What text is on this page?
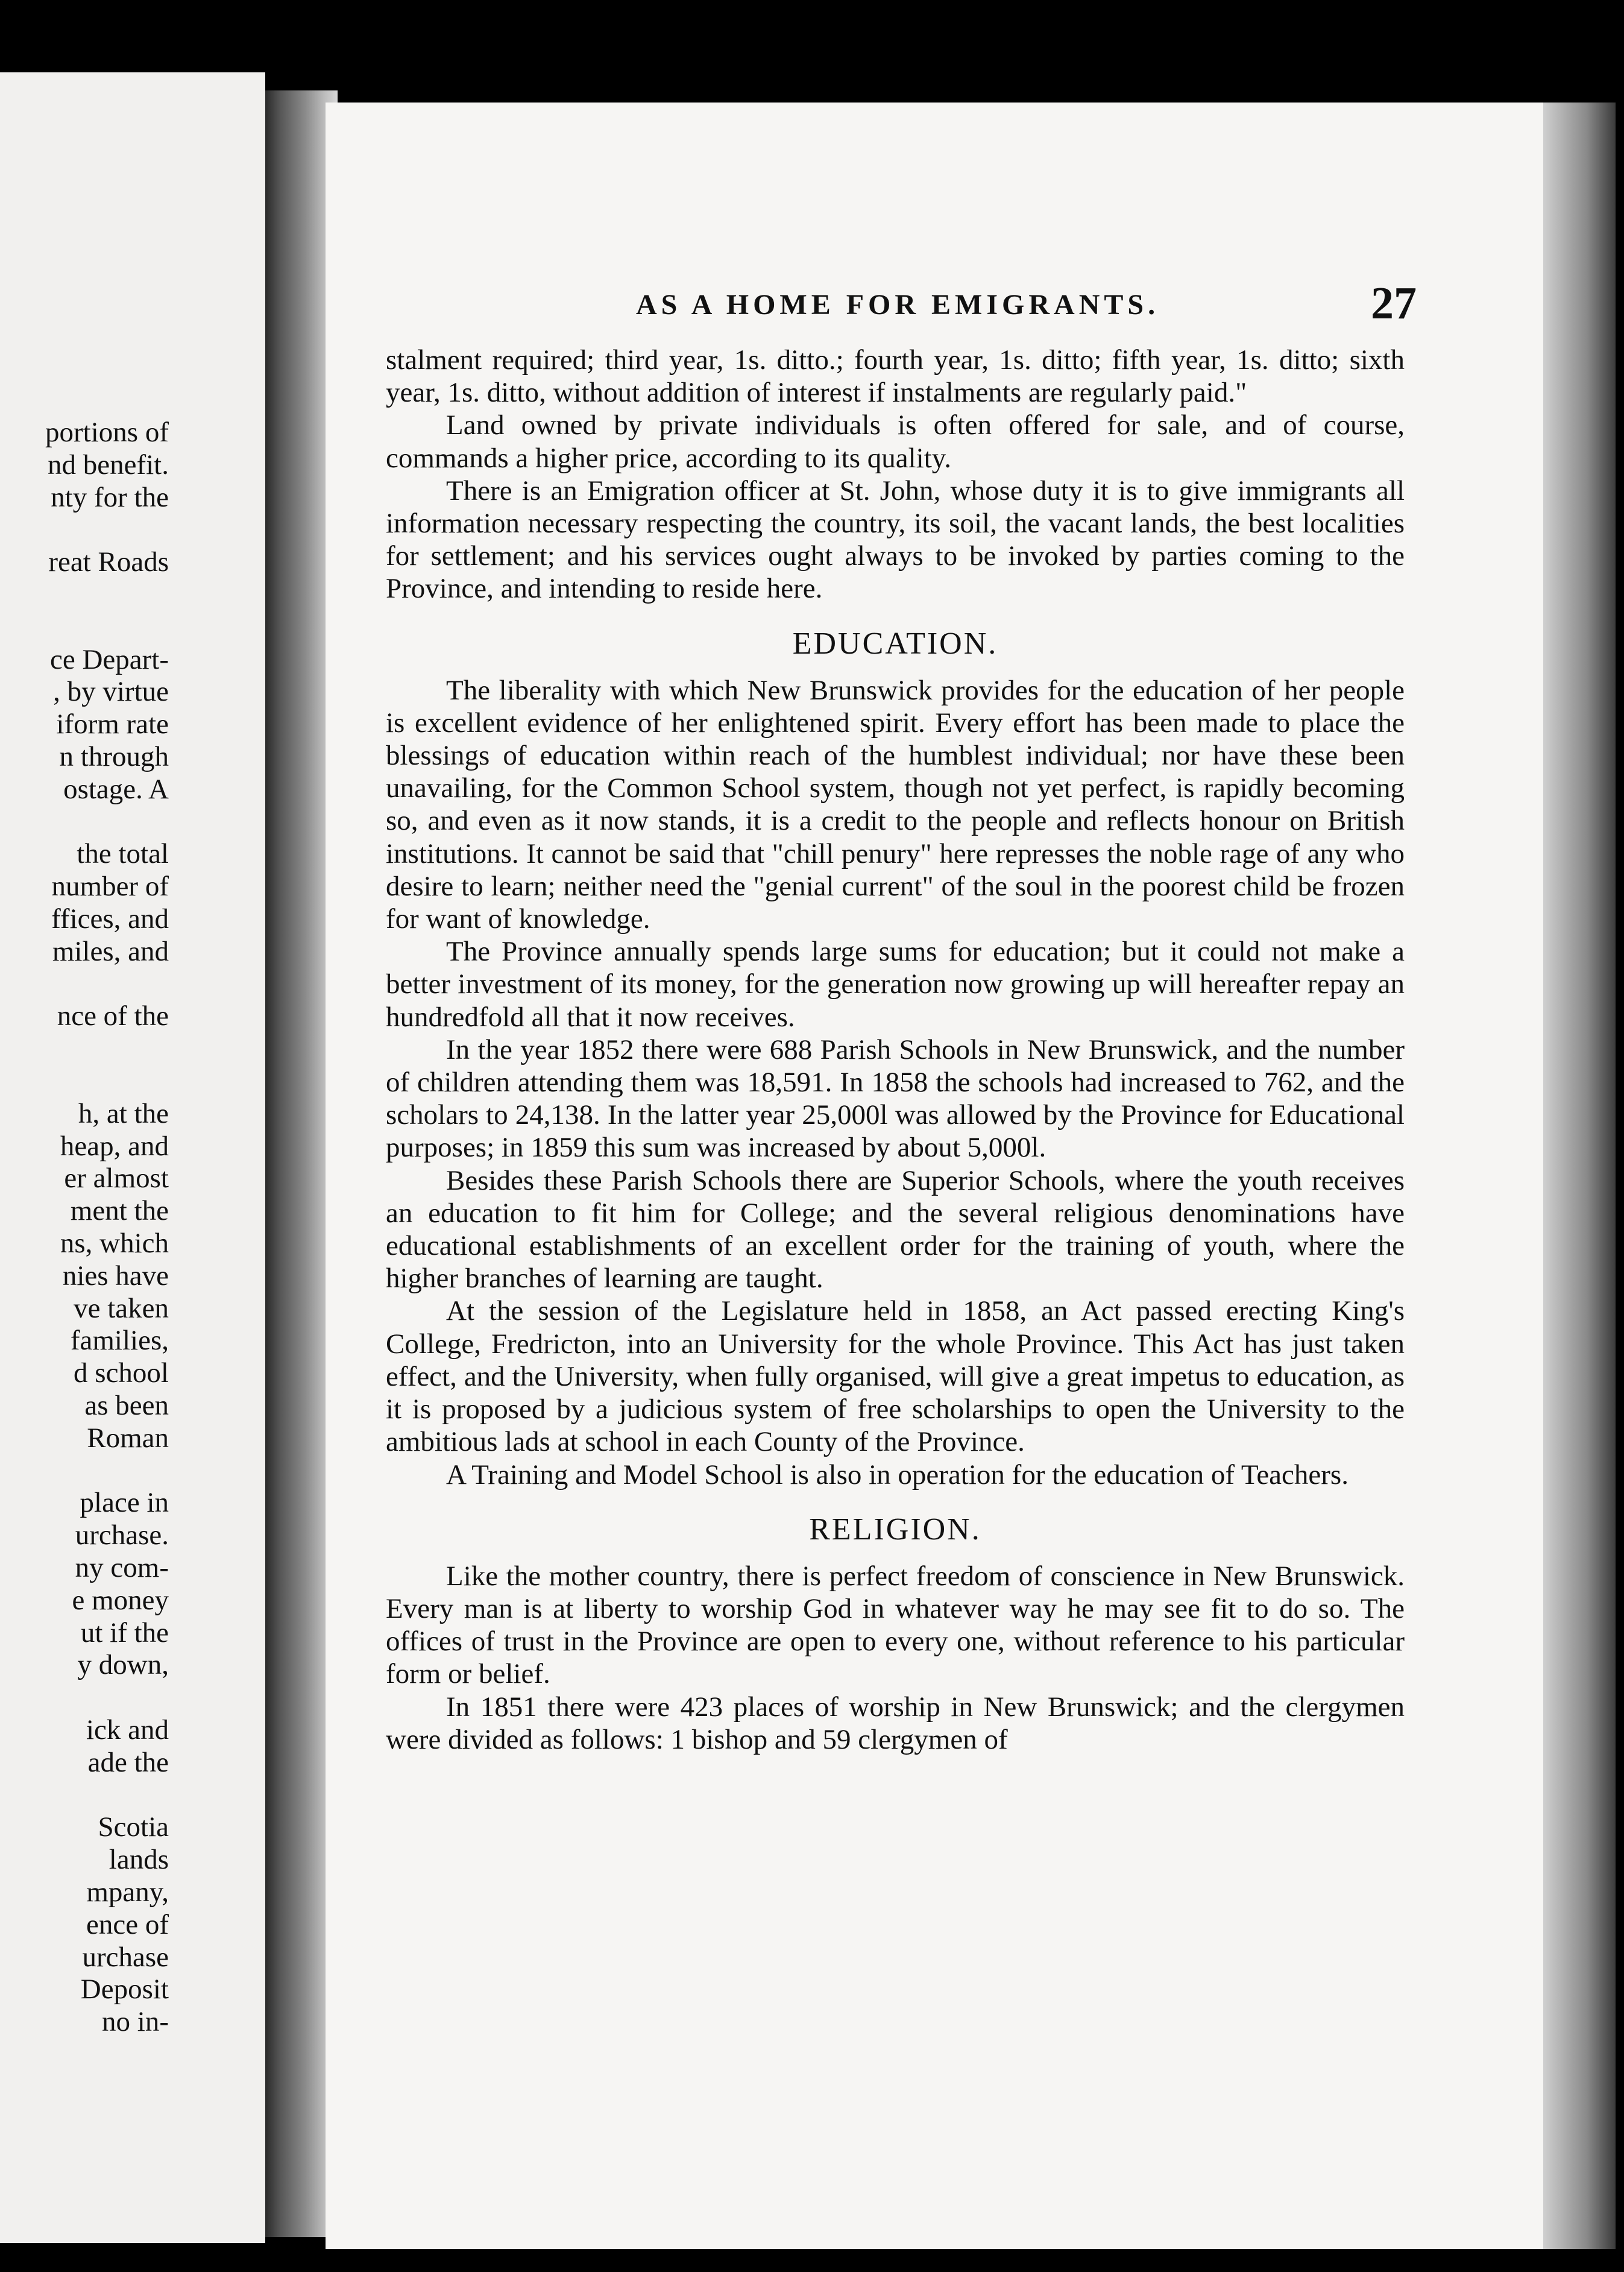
portions of
nd benefit.
nty for the
reat Roads
ce Depart-
, by virtue
iform rate
n through
ostage. A
the total
number of
ffices, and
miles, and
nce of the
h, at the
heap, and
er almost
ment the
ns, which
nies have
ve taken
families,
d school
as been
Roman
place in
urchase.
ny com-
e money
ut if the
y down,
ick and
ade the
Scotia
lands
mpany,
ence of
urchase
Deposit
no in-
AS A HOME FOR EMIGRANTS.	27

stalment required; third year, 1s. ditto.; fourth year, 1s. ditto; fifth year, 1s. ditto; sixth year, 1s. ditto, without addition of interest if instalments are regularly paid."

Land owned by private individuals is often offered for sale, and of course, commands a higher price, according to its quality.

There is an Emigration officer at St. John, whose duty it is to give immigrants all information necessary respecting the country, its soil, the vacant lands, the best localities for settlement; and his services ought always to be invoked by parties coming to the Province, and intending to reside here.

EDUCATION.

The liberality with which New Brunswick provides for the education of her people is excellent evidence of her enlightened spirit. Every effort has been made to place the blessings of education within reach of the humblest individual; nor have these been unavailing, for the Common School system, though not yet perfect, is rapidly becoming so, and even as it now stands, it is a credit to the people and reflects honour on British institutions. It cannot be said that "chill penury" here represses the noble rage of any who desire to learn; neither need the "genial current" of the soul in the poorest child be frozen for want of knowledge.

The Province annually spends large sums for education; but it could not make a better investment of its money, for the generation now growing up will hereafter repay an hundredfold all that it now receives.

In the year 1852 there were 688 Parish Schools in New Brunswick, and the number of children attending them was 18,591. In 1858 the schools had increased to 762, and the scholars to 24,138. In the latter year 25,000l was allowed by the Province for Educational purposes; in 1859 this sum was increased by about 5,000l.

Besides these Parish Schools there are Superior Schools, where the youth receives an education to fit him for College; and the several religious denominations have educational establishments of an excellent order for the training of youth, where the higher branches of learning are taught.

At the session of the Legislature held in 1858, an Act passed erecting King's College, Fredricton, into an University for the whole Province. This Act has just taken effect, and the University, when fully organised, will give a great impetus to education, as it is proposed by a judicious system of free scholarships to open the University to the ambitious lads at school in each County of the Province.

A Training and Model School is also in operation for the education of Teachers.

RELIGION.

Like the mother country, there is perfect freedom of conscience in New Brunswick. Every man is at liberty to worship God in whatever way he may see fit to do so. The offices of trust in the Province are open to every one, without reference to his particular form or belief.

In 1851 there were 423 places of worship in New Brunswick; and the clergymen were divided as follows: 1 bishop and 59 clergymen of
